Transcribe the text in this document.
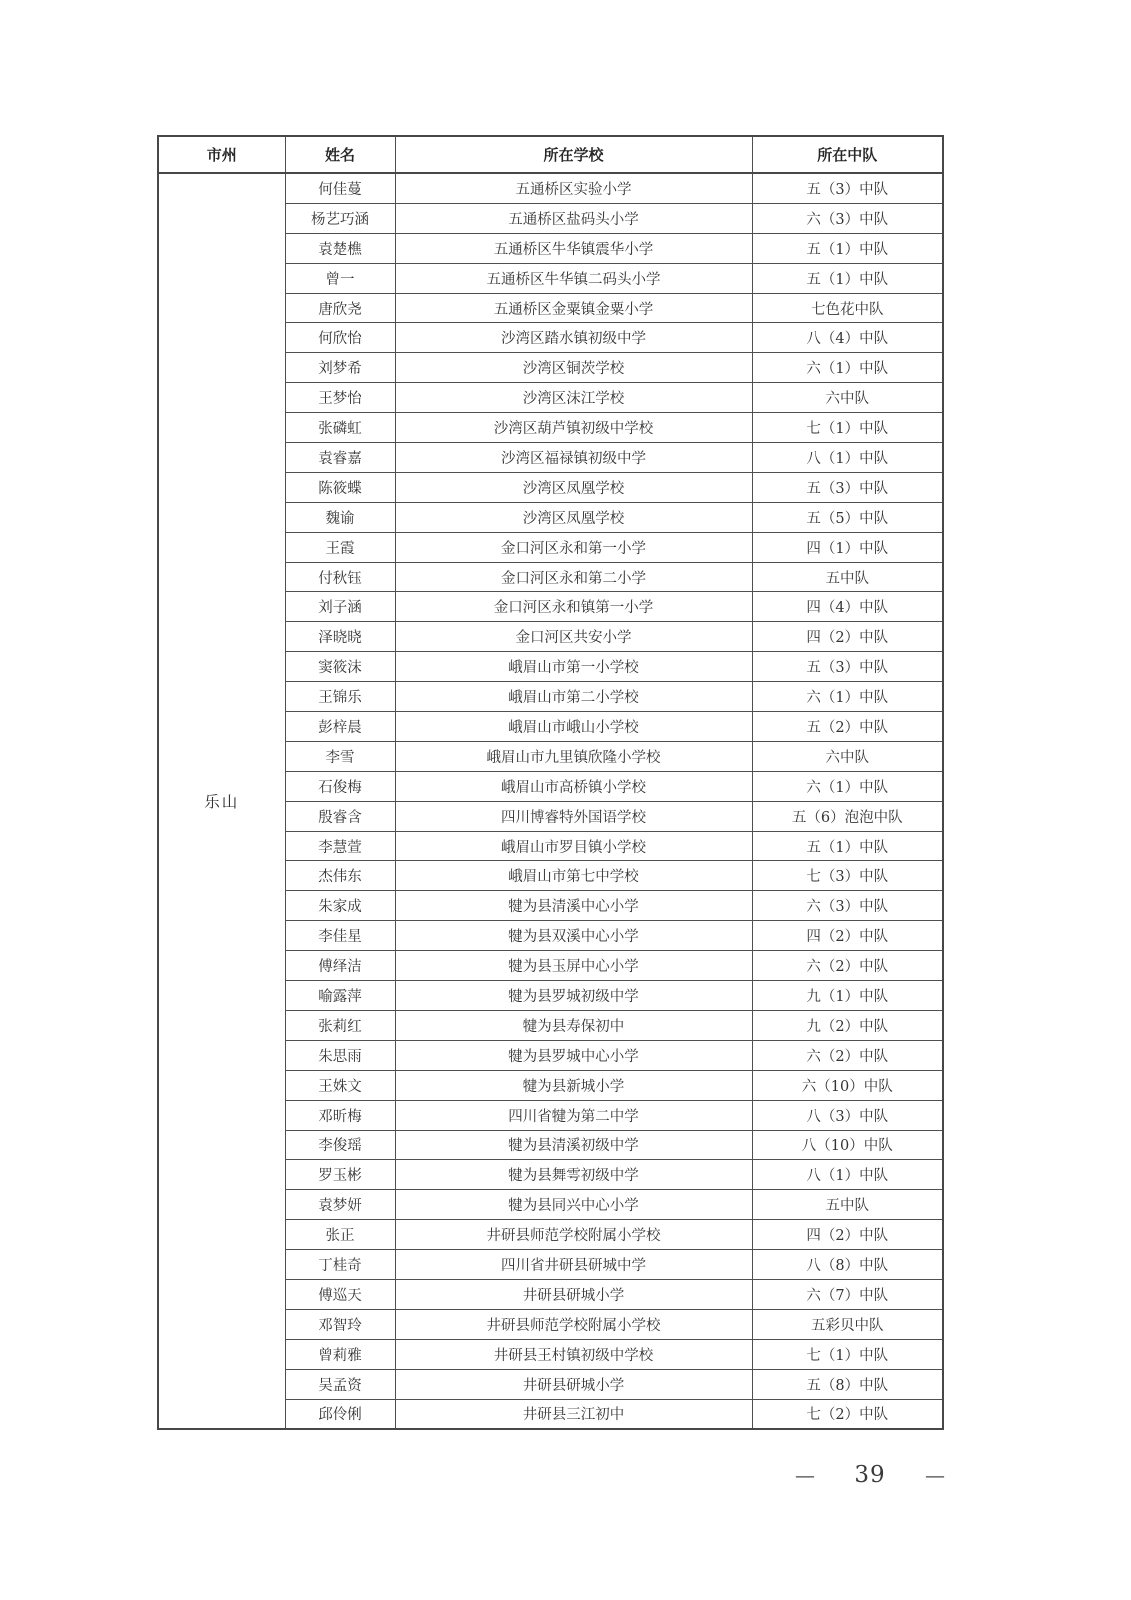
市州	姓名	所在学校	所在中队
乐山	何佳蔓	五通桥区实验小学	五（3）中队
	杨艺巧涵	五通桥区盐码头小学	六（3）中队
	袁楚樵	五通桥区牛华镇震华小学	五（1）中队
	曾一	五通桥区牛华镇二码头小学	五（1）中队
	唐欣尧	五通桥区金粟镇金粟小学	七色花中队
	何欣怡	沙湾区踏水镇初级中学	八（4）中队
	刘梦希	沙湾区铜茨学校	六（1）中队
	王梦怡	沙湾区沫江学校	六中队
	张磷虹	沙湾区葫芦镇初级中学校	七（1）中队
	袁睿嘉	沙湾区福禄镇初级中学	八（1）中队
	陈筱蝶	沙湾区凤凰学校	五（3）中队
	魏谕	沙湾区凤凰学校	五（5）中队
	王霞	金口河区永和第一小学	四（1）中队
	付秋钰	金口河区永和第二小学	五中队
	刘子涵	金口河区永和镇第一小学	四（4）中队
	泽晓晓	金口河区共安小学	四（2）中队
	窦筱沫	峨眉山市第一小学校	五（3）中队
	王锦乐	峨眉山市第二小学校	六（1）中队
	彭梓晨	峨眉山市峨山小学校	五（2）中队
	李雪	峨眉山市九里镇欣隆小学校	六中队
	石俊梅	峨眉山市高桥镇小学校	六（1）中队
	殷睿含	四川博睿特外国语学校	五（6）泡泡中队
	李慧萱	峨眉山市罗目镇小学校	五（1）中队
	杰伟东	峨眉山市第七中学校	七（3）中队
	朱家成	犍为县清溪中心小学	六（3）中队
	李佳星	犍为县双溪中心小学	四（2）中队
	傅绎洁	犍为县玉屏中心小学	六（2）中队
	喻露萍	犍为县罗城初级中学	九（1）中队
	张莉红	犍为县寿保初中	九（2）中队
	朱思雨	犍为县罗城中心小学	六（2）中队
	王姝文	犍为县新城小学	六（10）中队
	邓昕梅	四川省犍为第二中学	八（3）中队
	李俊瑶	犍为县清溪初级中学	八（10）中队
	罗玉彬	犍为县舞雩初级中学	八（1）中队
	袁梦妍	犍为县同兴中心小学	五中队
	张正	井研县师范学校附属小学校	四（2）中队
	丁桂奇	四川省井研县研城中学	八（8）中队
	傅巡天	井研县研城小学	六（7）中队
	邓智玲	井研县师范学校附属小学校	五彩贝中队
	曾莉雅	井研县王村镇初级中学校	七（1）中队
	吴孟资	井研县研城小学	五（8）中队
	邱伶俐	井研县三江初中	七（2）中队
— 39 —
